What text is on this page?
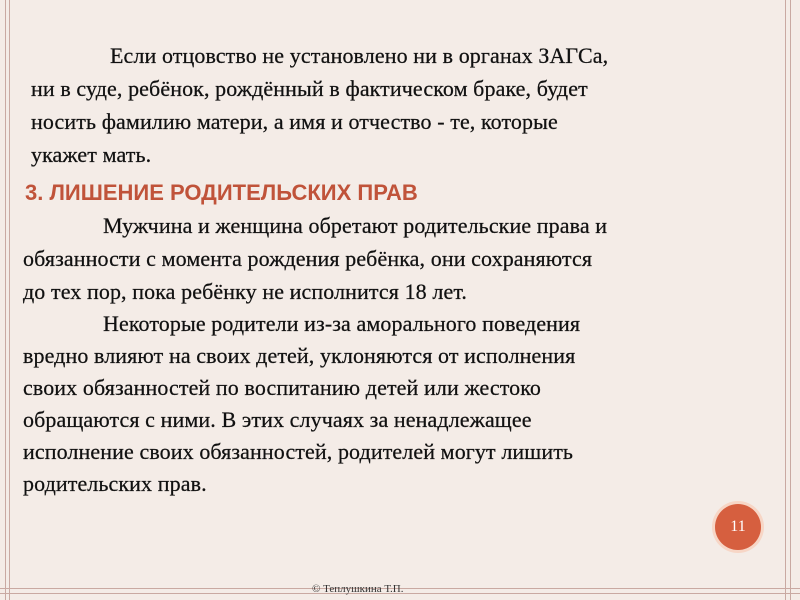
Если отцовство не установлено ни в органах ЗАГСа,
ни в суде, ребёнок, рождённый в фактическом браке, будет
носить фамилию матери, а имя и отчество - те, которые
укажет мать.
3. ЛИШЕНИЕ РОДИТЕЛЬСКИХ ПРАВ
Мужчина и женщина обретают родительские права и
обязанности с момента рождения ребёнка, они сохраняются
до тех пор, пока ребёнку не исполнится 18 лет.
Некоторые родители из-за аморального поведения
вредно влияют на своих детей, уклоняются от исполнения
своих обязанностей по воспитанию детей или жестоко
обращаются с ними. В этих случаях за ненадлежащее
исполнение своих обязанностей, родителей могут лишить
родительских прав.
11
© Теплушкина Т.П.
